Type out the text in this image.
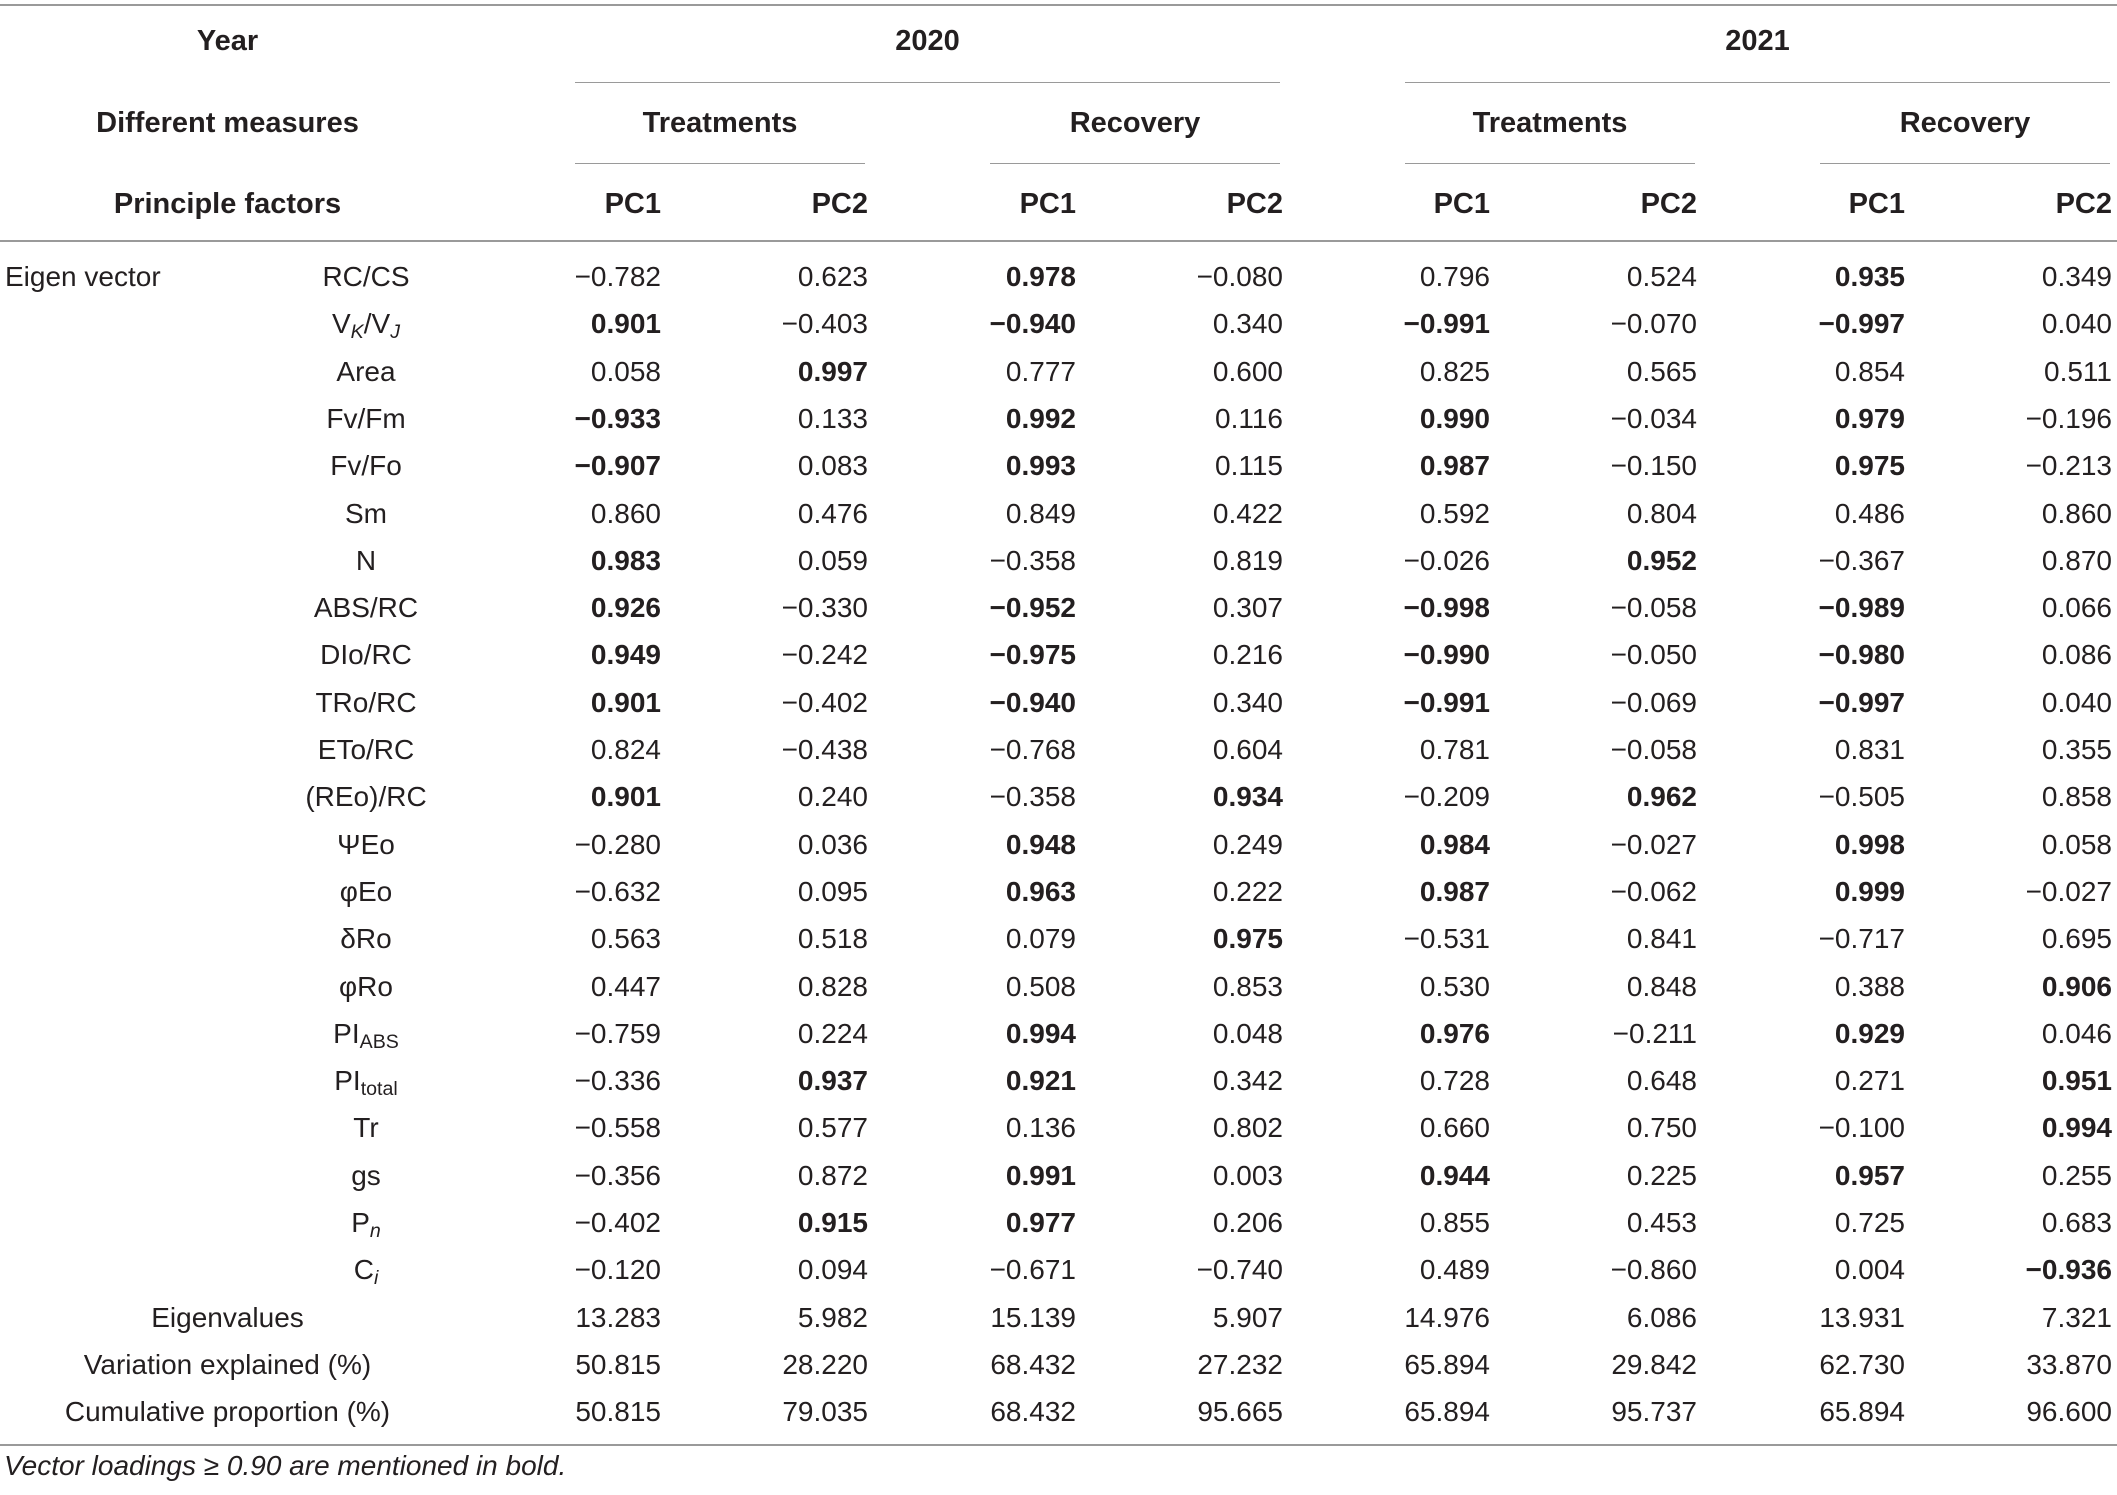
Year	2020	2021
Different measures	Treatments	Recovery	Treatments	Recovery
Principle factors	PC1	PC2	PC1	PC2	PC1	PC2	PC1	PC2
Eigen vector	RC/CS	−0.782	0.623	0.978	−0.080	0.796	0.524	0.935	0.349
$V_K/V_J$	0.901	−0.403	−0.940	0.340	−0.991	−0.070	−0.997	0.040
Area	0.058	0.997	0.777	0.600	0.825	0.565	0.854	0.511
Fv/Fm	−0.933	0.133	0.992	0.116	0.990	−0.034	0.979	−0.196
Fv/Fo	−0.907	0.083	0.993	0.115	0.987	−0.150	0.975	−0.213
Sm	0.860	0.476	0.849	0.422	0.592	0.804	0.486	0.860
N	0.983	0.059	−0.358	0.819	−0.026	0.952	−0.367	0.870
ABS/RC	0.926	−0.330	−0.952	0.307	−0.998	−0.058	−0.989	0.066
DIo/RC	0.949	−0.242	−0.975	0.216	−0.990	−0.050	−0.980	0.086
TRo/RC	0.901	−0.402	−0.940	0.340	−0.991	−0.069	−0.997	0.040
ETo/RC	0.824	−0.438	−0.768	0.604	0.781	−0.058	0.831	0.355
(REo)/RC	0.901	0.240	−0.358	0.934	−0.209	0.962	−0.505	0.858
ΨEo	−0.280	0.036	0.948	0.249	0.984	−0.027	0.998	0.058
φEo	−0.632	0.095	0.963	0.222	0.987	−0.062	0.999	−0.027
δRo	0.563	0.518	0.079	0.975	−0.531	0.841	−0.717	0.695
φRo	0.447	0.828	0.508	0.853	0.530	0.848	0.388	0.906
$PI_{ABS}$	−0.759	0.224	0.994	0.048	0.976	−0.211	0.929	0.046
$PI_{total}$	−0.336	0.937	0.921	0.342	0.728	0.648	0.271	0.951
Tr	−0.558	0.577	0.136	0.802	0.660	0.750	−0.100	0.994
gs	−0.356	0.872	0.991	0.003	0.944	0.225	0.957	0.255
$P_n$	−0.402	0.915	0.977	0.206	0.855	0.453	0.725	0.683
$C_i$	−0.120	0.094	−0.671	−0.740	0.489	−0.860	0.004	−0.936
Eigenvalues	13.283	5.982	15.139	5.907	14.976	6.086	13.931	7.321
Variation explained (%)	50.815	28.220	68.432	27.232	65.894	29.842	62.730	33.870
Cumulative proportion (%)	50.815	79.035	68.432	95.665	65.894	95.737	65.894	96.600
Vector loadings ≥ 0.90 are mentioned in bold.
